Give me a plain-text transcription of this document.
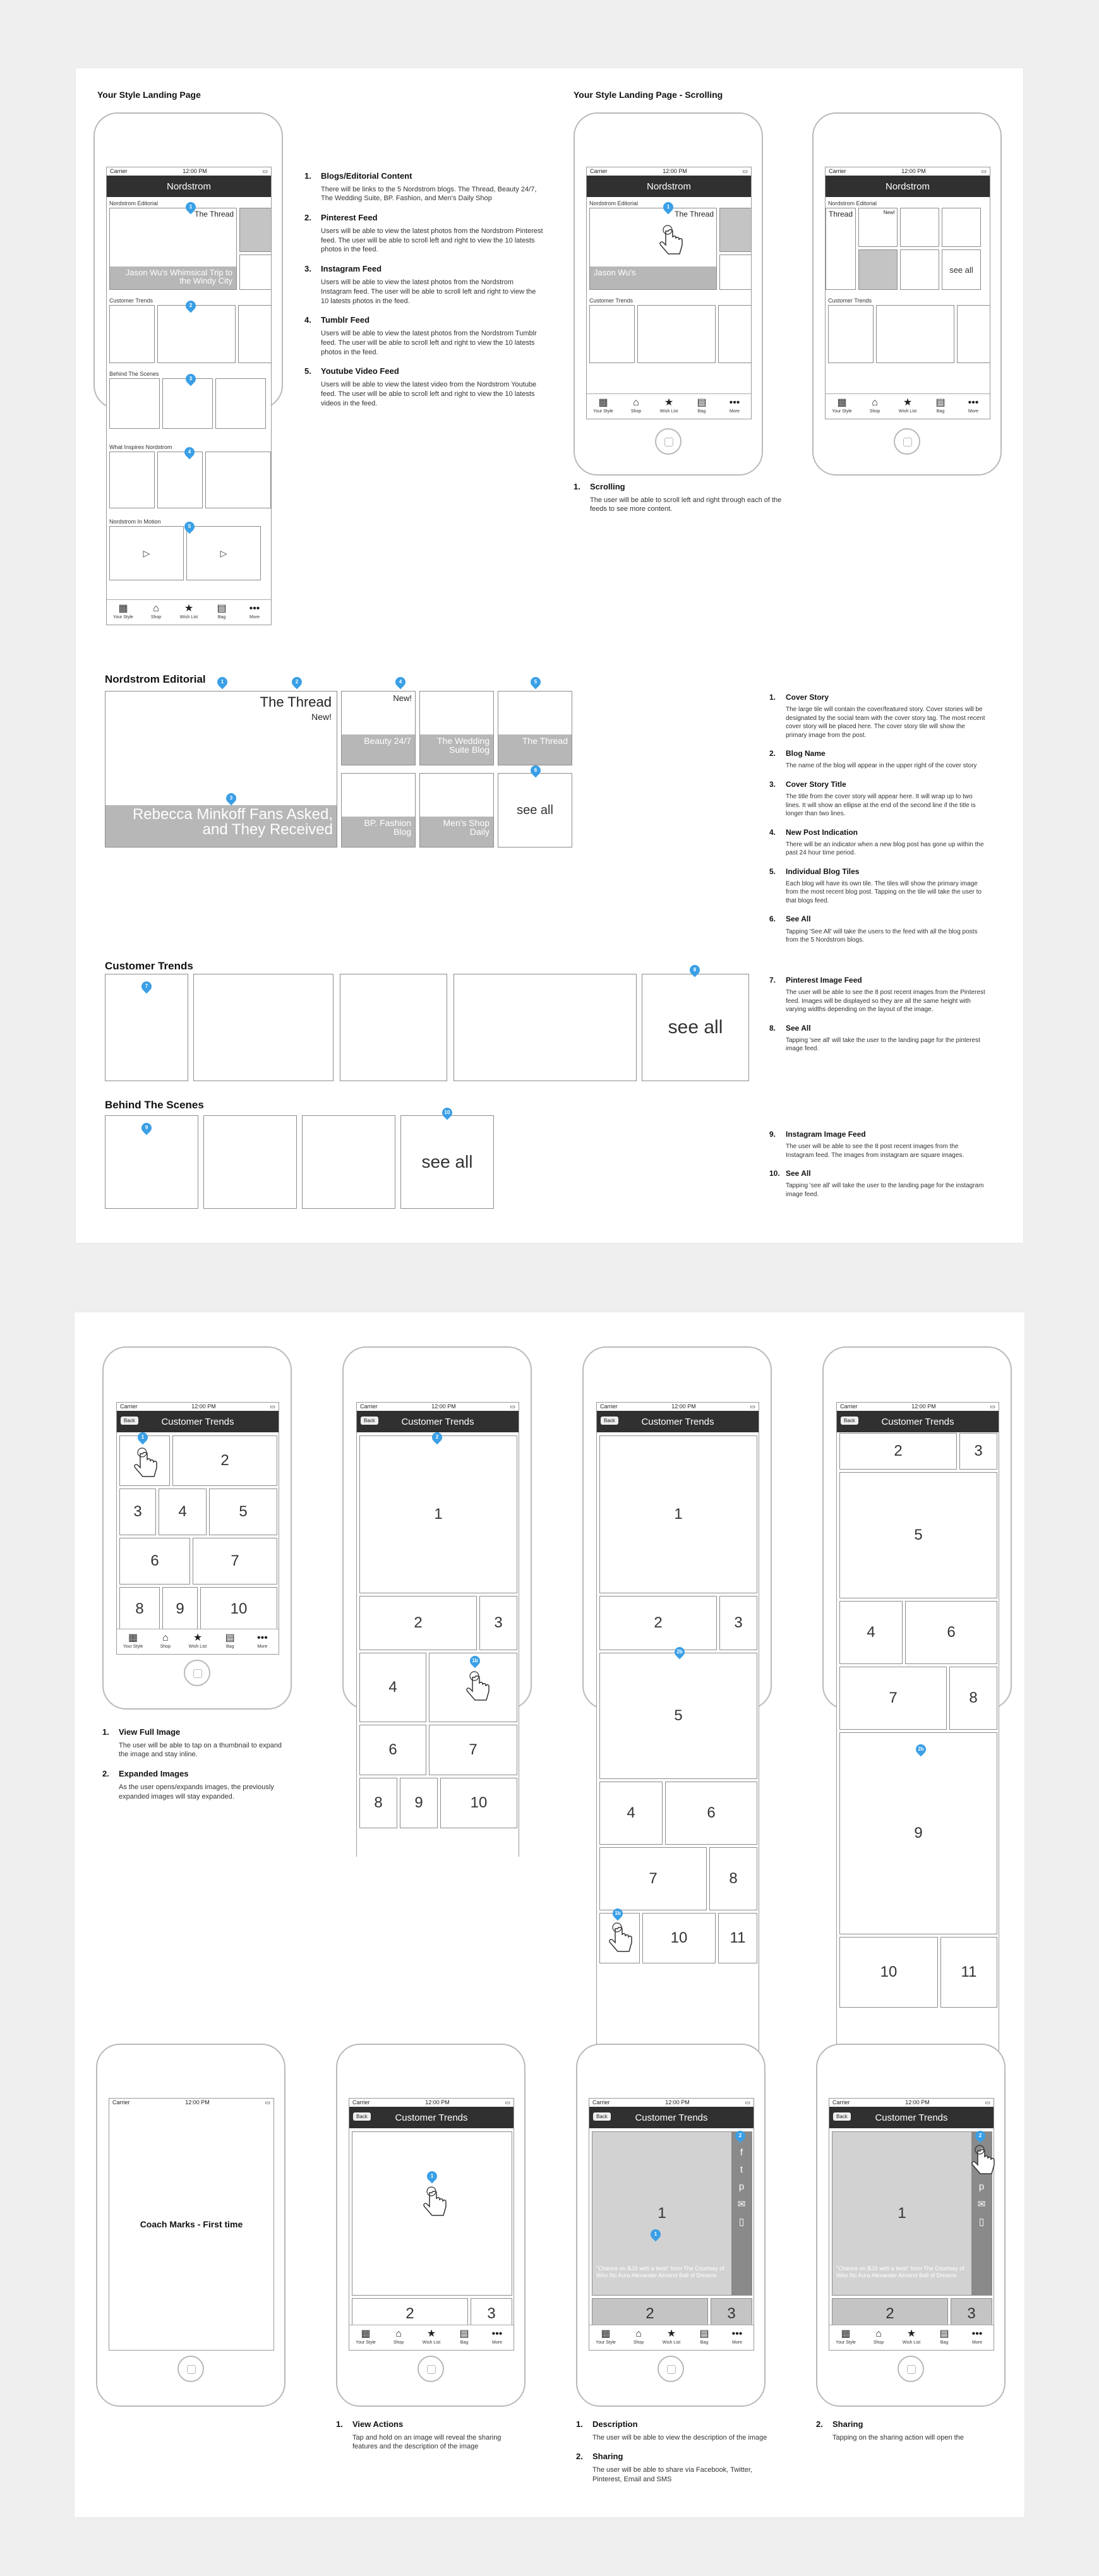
Your Style Landing Page	Your Style Landing Page - Scrolling
Carrier	12:00 PM	▭
Nordstrom
Nordstrom Editorial
The Thread
Jason Wu's Whimsical Trip to the Windy City
Customer Trends
Behind The Scenes
What Inspires Nordstrom
Nordstrom In Motion
▷	▷
▦
Your Style
⌂
Shop
★
Wish List
▤
Bag
•••
More
1
2
3
4
5
1.	Blogs/Editorial Content
There will be links to the 5 Nordstrom blogs. The Thread, Beauty 24/7, The Wedding Suite, BP. Fashion, and Men's Daily Shop
2.	Pinterest Feed
Users will be able to view the latest photos from the Nordstrom Pinterest feed. The user will be able to scroll left and right to view the 10 latests photos in the feed.
3.	Instagram Feed
Users will be able to view the latest photos from the Nordstrom Instagram feed. The user will be able to scroll left and right to view the 10 latests photos in the feed.
4.	Tumblr Feed
Users will be able to view the latest photos from the Nordstrom Tumblr feed. The user will be able to scroll left and right to view the 10 latests photos in the feed.
5.	Youtube Video Feed
Users will be able to view the latest video from the Nordstrom Youtube feed. The user will be able to scroll left and right to view the 10 latests videos in the feed.
Carrier	12:00 PM	▭
Nordstrom
Nordstrom Editorial
The Thread
Jason Wu's
Customer Trends
▦
Your Style
⌂
Shop
★
Wish List
▤
Bag
•••
More
1
Carrier	12:00 PM	▭
Nordstrom
Nordstrom Editorial
Thread	New!
see all
Customer Trends
▦
Your Style
⌂
Shop
★
Wish List
▤
Bag
•••
More
1.	Scrolling
The user will be able to scroll left and right through each of the feeds to see more content.
Nordstrom Editorial
The Thread
New!
Rebecca Minkoff Fans Asked, and They Received
New!
Beauty 24/7	The Wedding Suite Blog
The Thread
BP. Fashion Blog
Men's Shop Daily
see all
1	2	4	5
3
6
1.	Cover Story
The large tile will contain the cover/featured story. Cover stories will be designated by the social team with the cover story tag. The most recent cover story will be placed here. The cover story tile will show the primary image from the post.
2.	Blog Name
The name of the blog will appear in the upper right of the cover story
3.	Cover Story Title
The title from the cover story will appear here. It will wrap up to two lines. It will show an ellipse at the end of the second line if the title is longer than two lines.
4.	New Post Indication
There will be an indicator when a new blog post has gone up within the past 24 hour time period.
5.	Individual Blog Tiles
Each blog will have its own tile. The tiles will show the primary image from the most recent blog post. Tapping on the tile will take the user to that blogs feed.
6.	See All
Tapping 'See All' will take the users to the feed with all the blog posts from the 5 Nordstrom blogs.
Customer Trends
see all
7
8
7.	Pinterest Image Feed
The user will be able to see the 8 post recent images from the Pinterest feed. Images will be displayed so they are all the same height with varying widths depending on the layout of the image.
8.	See All
Tapping 'see all' will take the user to the landing page for the pinterest image feed.
Behind The Scenes
see all
9
10
9.	Instagram Image Feed
The user will be able to see the 8 post recent images from the Instagram feed. The images from instagram are square images.
10. See All
Tapping 'see all' will take the user to the landing page for the instagram image feed.
Carrier	12:00 PM	▭
Back	Customer Trends
2
3	4	5
6	7
8	9	10
▦
Your Style
⌂
Shop
★
Wish List
▤
Bag
•••
More
1
1.	View Full Image
The user will be able to tap on a thumbnail to expand the image and stay inline.
2.	Expanded Images
As the user opens/expands images, the previously expanded images will stay expanded.
Carrier	12:00 PM	▭
Back	Customer Trends
1
2	3
4
6	7
8	9	10
2
1b
Carrier	12:00 PM	▭
Back	Customer Trends
1
2	3
5
4	6
7	8
10	11
2b
1b
Carrier	12:00 PM	▭
Back	Customer Trends
2	3
5
4	6
7	8
9
10	11
2b
Carrier	12:00 PM	▭
Coach Marks - First time
Carrier	12:00 PM	▭
Back	Customer Trends
2	3
▦
Your Style
⌂
Shop
★
Wish List
▤
Bag
•••
More
1
Carrier	12:00 PM	▭
Back	Customer Trends
1
"Chance on BJS with a twist" from The Courtney of Who No Aura Alexander Almond Ball of Dreams
f
t
p
✉
▯
2	3
▦
Your Style
⌂
Shop
★
Wish List
▤
Bag
•••
More
2
1
Carrier	12:00 PM	▭
Back	Customer Trends
1
"Chance on BJS with a twist" from The Courtney of Who No Aura Alexander Almond Ball of Dreams
p
✉
▯
2	3
▦
Your Style
⌂
Shop
★
Wish List
▤
Bag
•••
More
2
1.	View Actions
Tap and hold on an image will reveal the sharing features and the description of the image
1.	Description
The user will be able to view the description of the image
2.	Sharing
The user will be able to share via Facebook, Twitter, Pinterest, Email and SMS
2.	Sharing
Tapping on the sharing action will open the
